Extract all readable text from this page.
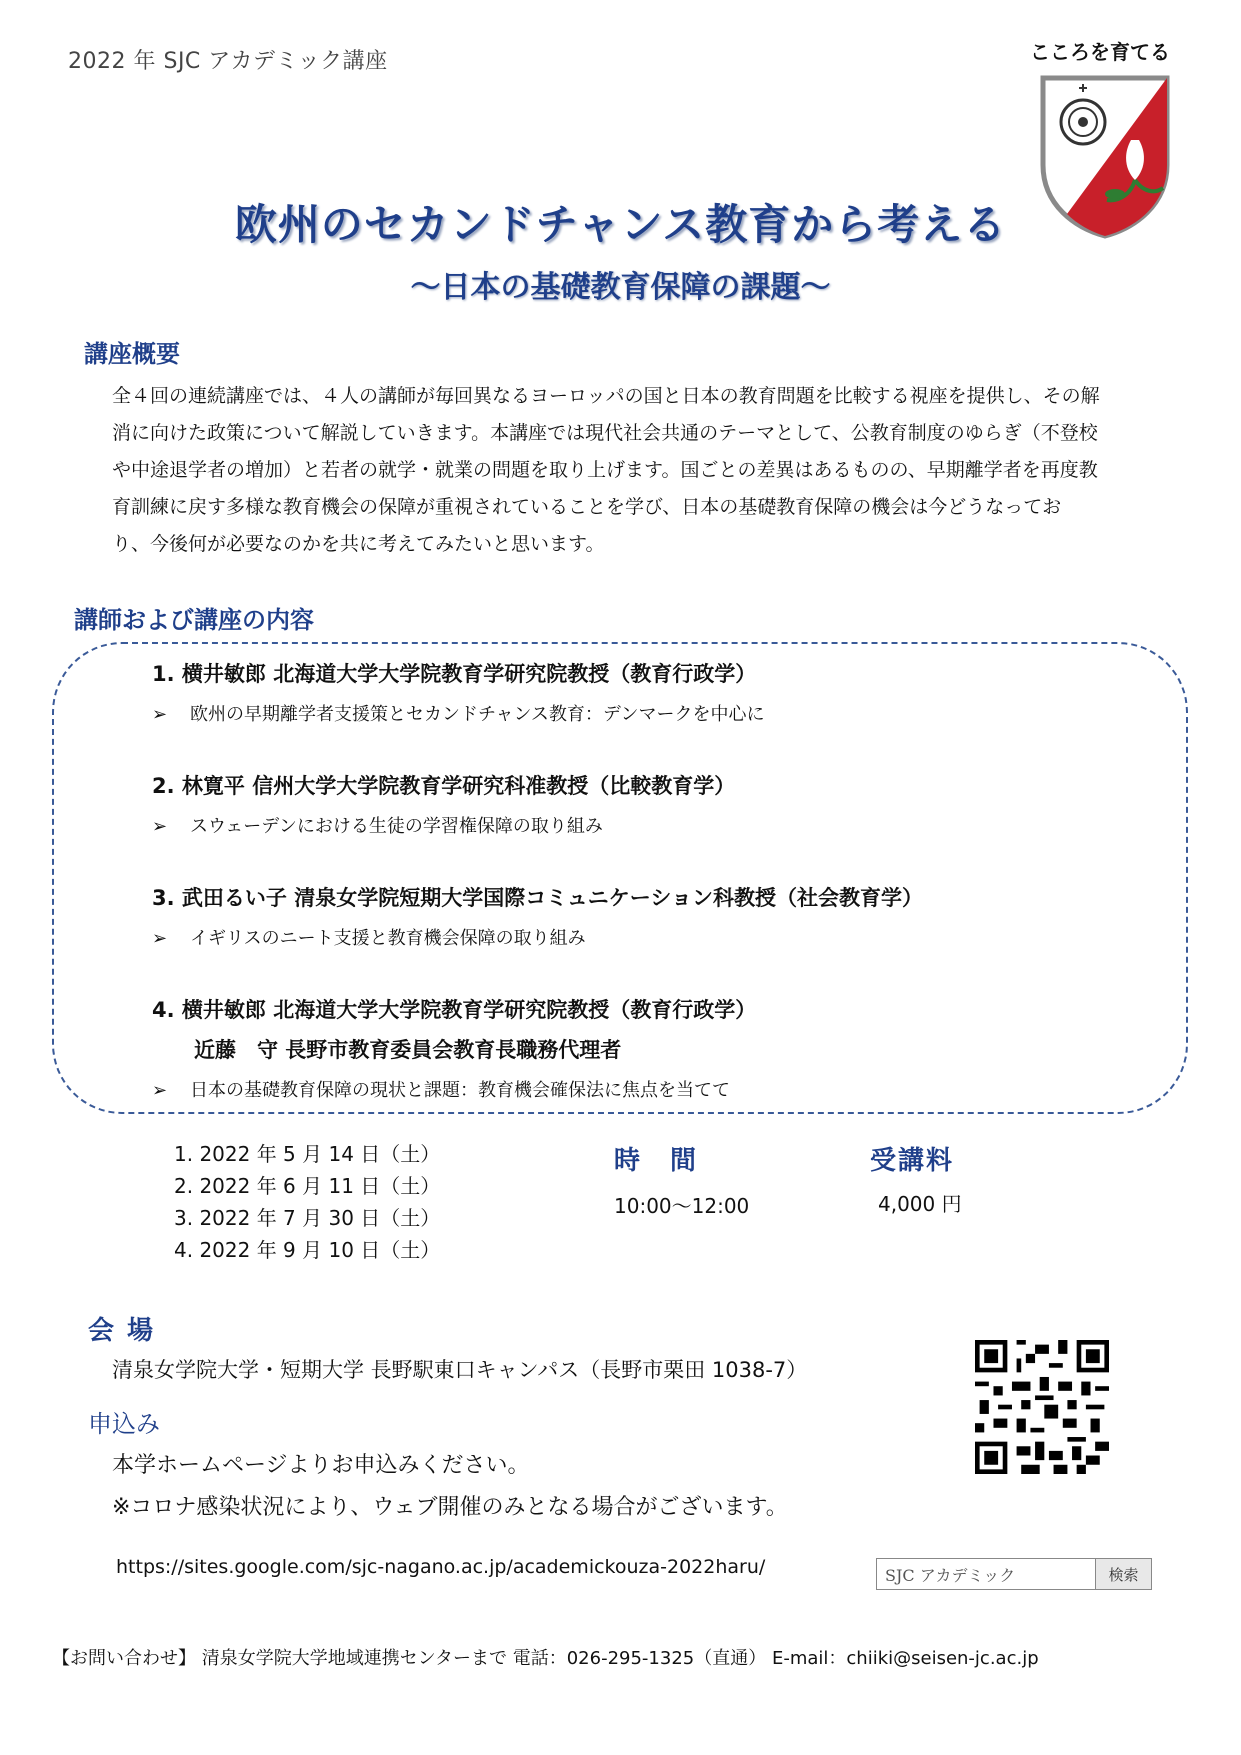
2022 年 SJC アカデミック講座	こころを育てる
欧州のセカンドチャンス教育から考える
～日本の基礎教育保障の課題～
講座概要
全４回の連続講座では、４人の講師が毎回異なるヨーロッパの国と日本の教育問題を比較する視座を提供し、その解
消に向けた政策について解説していきます。本講座では現代社会共通のテーマとして、公教育制度のゆらぎ（不登校
や中途退学者の増加）と若者の就学・就業の問題を取り上げます。国ごとの差異はあるものの、早期離学者を再度教
育訓練に戻す多様な教育機会の保障が重視されていることを学び、日本の基礎教育保障の機会は今どうなってお
り、今後何が必要なのかを共に考えてみたいと思います。
講師および講座の内容
1. 横井敏郎 北海道大学大学院教育学研究院教授（教育行政学）
➢ 欧州の早期離学者支援策とセカンドチャンス教育：デンマークを中心に
2. 林寛平 信州大学大学院教育学研究科准教授（比較教育学）
➢ スウェーデンにおける生徒の学習権保障の取り組み
3. 武田るい子 清泉女学院短期大学国際コミュニケーション科教授（社会教育学）
➢ イギリスのニート支援と教育機会保障の取り組み
4. 横井敏郎 北海道大学大学院教育学研究院教授（教育行政学）
近藤　守 長野市教育委員会教育長職務代理者
➢ 日本の基礎教育保障の現状と課題：教育機会確保法に焦点を当てて
1. 2022 年 5 月 14 日（土）
2. 2022 年 6 月 11 日（土）
3. 2022 年 7 月 30 日（土）
4. 2022 年 9 月 10 日（土）
時　間
10:00～12:00
受講料
4,000 円
会 場
清泉女学院大学・短期大学 長野駅東口キャンパス（長野市栗田 1038-7）
申込み
本学ホームページよりお申込みください。
※コロナ感染状況により、ウェブ開催のみとなる場合がございます。
https://sites.google.com/sjc-nagano.ac.jp/academickouza-2022haru/
SJC アカデミック	検索
【お問い合わせ】 清泉女学院大学地域連携センターまで 電話：026-295-1325（直通） E-mail：chiiki@seisen-jc.ac.jp
